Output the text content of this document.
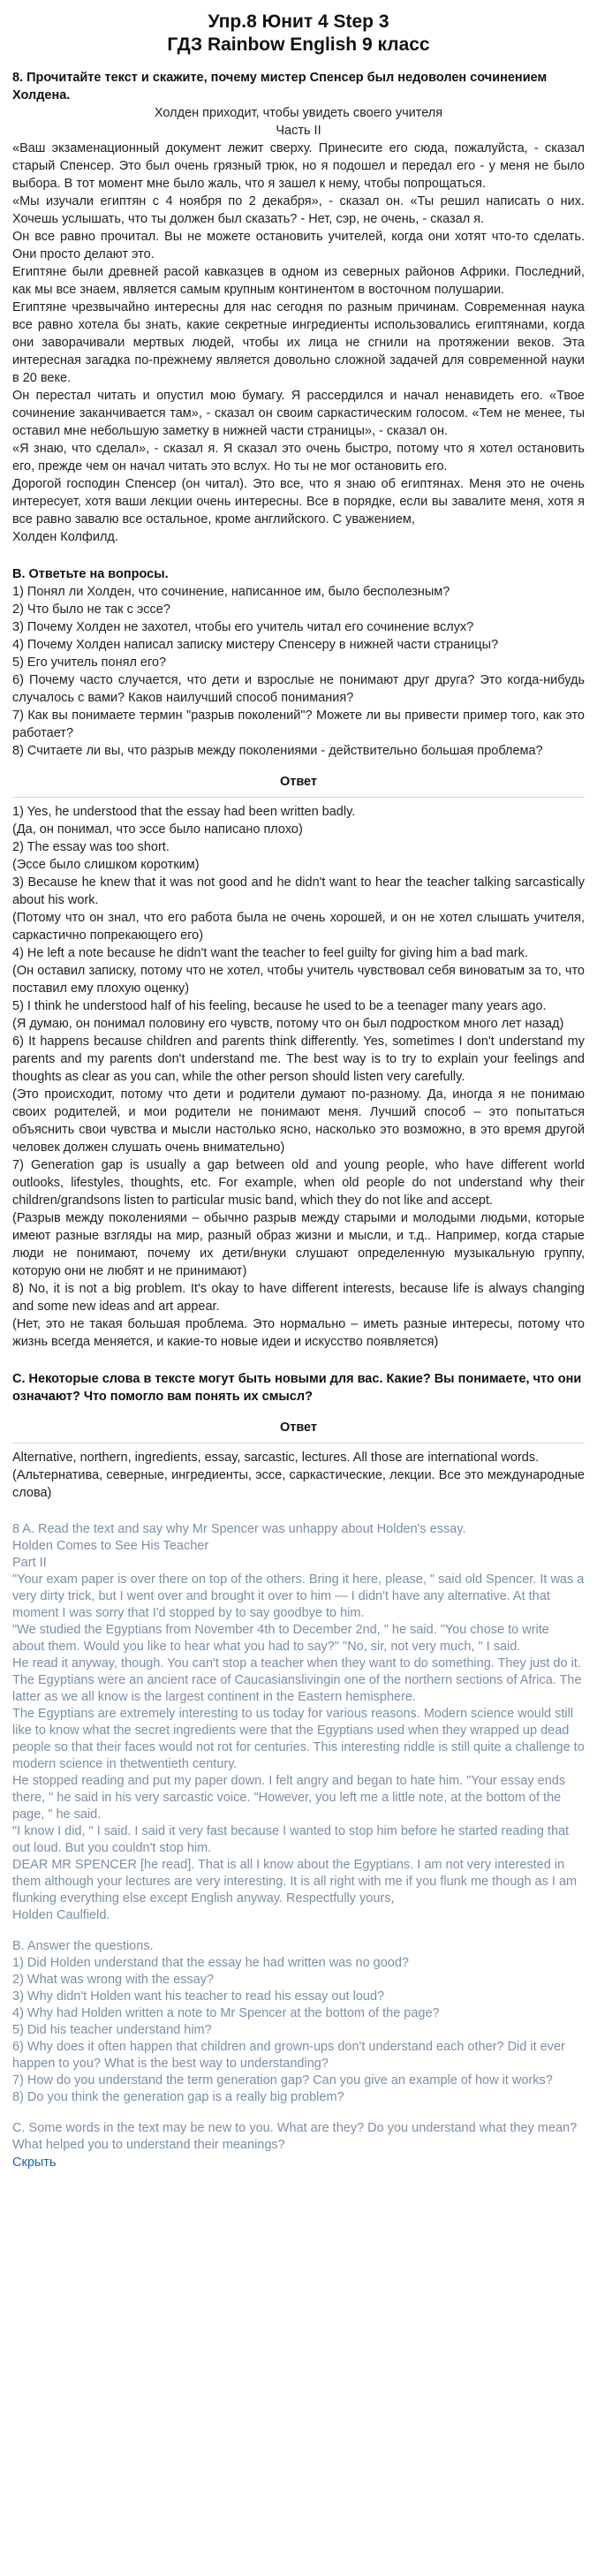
Упр.8 Юнит 4 Step 3
ГДЗ Rainbow English 9 класс

8. Прочитайте текст и скажите, почему мистер Спенсер был недоволен сочинением Холдена.

Холден приходит, чтобы увидеть своего учителя

Часть II

«Ваш экзаменационный документ лежит сверху. Принесите его сюда, пожалуйста, - сказал старый Спенсер. Это был очень грязный трюк, но я подошел и передал его - у меня не было выбора. В тот момент мне было жаль, что я зашел к нему, чтобы попрощаться.

«Мы изучали египтян с 4 ноября по 2 декабря», - сказал он. «Ты решил написать о них. Хочешь услышать, что ты должен был сказать? - Нет, сэр, не очень, - сказал я.

Он все равно прочитал. Вы не можете остановить учителей, когда они хотят что-то сделать. Они просто делают это.

Египтяне были древней расой кавказцев в одном из северных районов Африки. Последний, как мы все знаем, является самым крупным континентом в восточном полушарии.

Египтяне чрезвычайно интересны для нас сегодня по разным причинам. Современная наука все равно хотела бы знать, какие секретные ингредиенты использовались египтянами, когда они заворачивали мертвых людей, чтобы их лица не сгнили на протяжении веков. Эта интересная загадка по-прежнему является довольно сложной задачей для современной науки в 20 веке.

Он перестал читать и опустил мою бумагу. Я рассердился и начал ненавидеть его. «Твое сочинение заканчивается там», - сказал он своим саркастическим голосом. «Тем не менее, ты оставил мне небольшую заметку в нижней части страницы», - сказал он.

«Я знаю, что сделал», - сказал я. Я сказал это очень быстро, потому что я хотел остановить его, прежде чем он начал читать это вслух. Но ты не мог остановить его.

Дорогой господин Спенсер (он читал). Это все, что я знаю об египтянах. Меня это не очень интересует, хотя ваши лекции очень интересны. Все в порядке, если вы завалите меня, хотя я все равно завалю все остальное, кроме английского. С уважением,

Холден Колфилд.

В. Ответьте на вопросы.

1) Понял ли Холден, что сочинение, написанное им, было бесполезным?

2) Что было не так с эссе?

3) Почему Холден не захотел, чтобы его учитель читал его сочинение вслух?

4) Почему Холден написал записку мистеру Спенсеру в нижней части страницы?

5) Его учитель понял его?

6) Почему часто случается, что дети и взрослые не понимают друг друга? Это когда-нибудь случалось с вами? Каков наилучший способ понимания?

7) Как вы понимаете термин "разрыв поколений"? Можете ли вы привести пример того, как это работает?

8) Считаете ли вы, что разрыв между поколениями - действительно большая проблема?

Ответ

1) Yes, he understood that the essay had been written badly.

(Да, он понимал, что эссе было написано плохо)

2) The essay was too short.

(Эссе было слишком коротким)

3) Because he knew that it was not good and he didn't want to hear the teacher talking sarcastically about his work.

(Потому что он знал, что его работа была не очень хорошей, и он не хотел слышать учителя, саркастично попрекающего его)

4) He left a note because he didn't want the teacher to feel guilty for giving him a bad mark.

(Он оставил записку, потому что не хотел, чтобы учитель чувствовал себя виноватым за то, что поставил ему плохую оценку)

5) I think he understood half of his feeling, because he used to be a teenager many years ago.

(Я думаю, он понимал половину его чувств, потому что он был подростком много лет назад)

6) It happens because children and parents think differently. Yes, sometimes I don't understand my parents and my parents don't understand me. The best way is to try to explain your feelings and thoughts as clear as you can, while the other person should listen very carefully.

(Это происходит, потому что дети и родители думают по-разному. Да, иногда я не понимаю своих родителей, и мои родители не понимают меня. Лучший способ – это попытаться объяснить свои чувства и мысли настолько ясно, насколько это возможно, в это время другой человек должен слушать очень внимательно)

7) Generation gap is usually a gap between old and young people, who have different world outlooks, lifestyles, thoughts, etc. For example, when old people do not understand why their children/grandsons listen to particular music band, which they do not like and accept.

(Разрыв между поколениями – обычно разрыв между старыми и молодыми людьми, которые имеют разные взгляды на мир, разный образ жизни и мысли, и т.д.. Например, когда старые люди не понимают, почему их дети/внуки слушают определенную музыкальную группу, которую они не любят и не принимают)

8) No, it is not a big problem. It's okay to have different interests, because life is always changing and some new ideas and art appear.

(Нет, это не такая большая проблема. Это нормально – иметь разные интересы, потому что жизнь всегда меняется, и какие-то новые идеи и искусство появляется)

С. Некоторые слова в тексте могут быть новыми для вас. Какие? Вы понимаете, что они означают? Что помогло вам понять их смысл?

Ответ

Alternative, northern, ingredients, essay, sarcastic, lectures. All those are international words.

(Альтернатива, северные, ингредиенты, эссе, саркастические, лекции. Все это международные слова)

8 A. Read the text and say why Mr Spencer was unhappy about Holden's essay.

Holden Comes to See His Teacher

Part II

"Your exam paper is over there on top of the others. Bring it here, please, " said old Spencer. It was a very dirty trick, but I went over and brought it over to him — I didn't have any alternative. At that moment I was sorry that I'd stopped by to say goodbye to him.

"We studied the Egyptians from November 4th to December 2nd, " he said. "You chose to write about them. Would you like to hear what you had to say?" "No, sir, not very much, " I said.

He read it anyway, though. You can't stop a teacher when they want to do something. They just do it.

The Egyptians were an ancient race of Caucasianslivingin one of the northern sections of Africa. The latter as we all know is the largest continent in the Eastern hemisphere.

The Egyptians are extremely interesting to us today for various reasons. Modern science would still like to know what the secret ingredients were that the Egyptians used when they wrapped up dead people so that their faces would not rot for centuries. This interesting riddle is still quite a challenge to modern science in thetwentieth century.

He stopped reading and put my paper down. I felt angry and began to hate him. "Your essay ends there, " he said in his very sarcastic voice. "However, you left me a little note, at the bottom of the page, " he said.

"I know I did, " I said. I said it very fast because I wanted to stop him before he started reading that out loud. But you couldn't stop him.

DEAR MR SPENCER [he read]. That is all I know about the Egyptians. I am not very interested in them although your lectures are very interesting. It is all right with me if you flunk me though as I am flunking everything else except English anyway. Respectfully yours,

Holden Caulfield.

B. Answer the questions.

1) Did Holden understand that the essay he had written was no good?

2) What was wrong with the essay?

3) Why didn't Holden want his teacher to read his essay out loud?

4) Why had Holden written a note to Mr Spencer at the bottom of the page?

5) Did his teacher understand him?

6) Why does it often happen that children and grown-ups don't understand each other? Did it ever happen to you? What is the best way to understanding?

7) How do you understand the term generation gap? Can you give an example of how it works?

8) Do you think the generation gap is a really big problem?

C. Some words in the text may be new to you. What are they? Do you understand what they mean? What helped you to understand their meanings?

Скрыть
